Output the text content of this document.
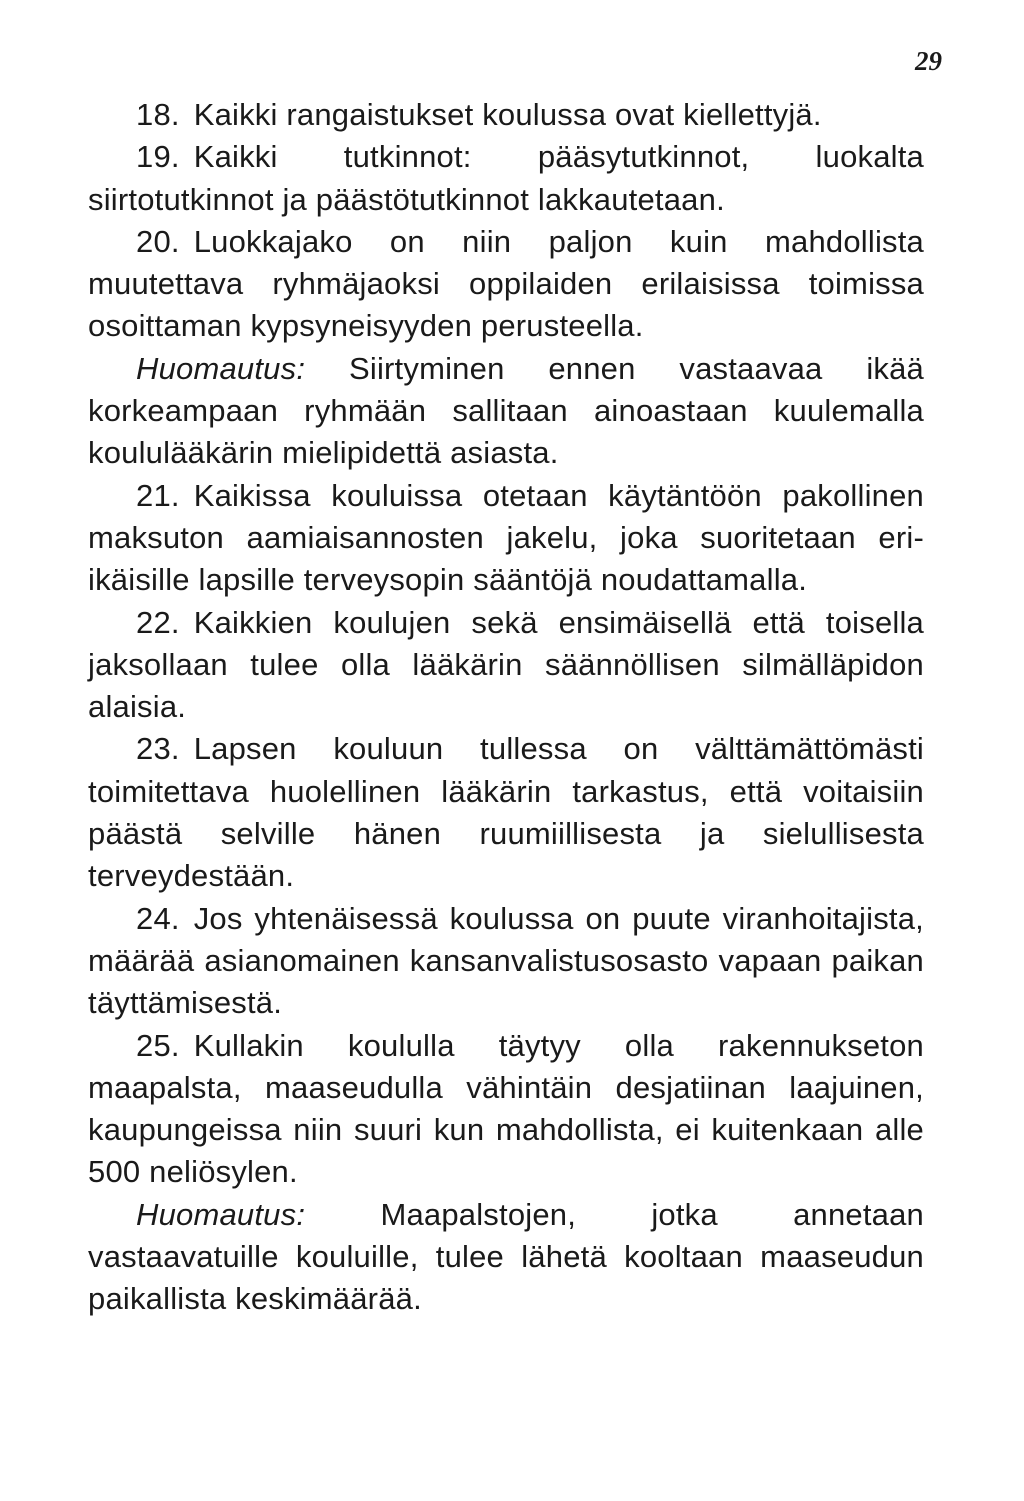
29

18. Kaikki rangaistukset koulussa ovat kiellettyjä.

19. Kaikki tutkinnot: pääsytutkinnot, luokalta siirtotutkinnot ja päästötutkinnot lakkautetaan.

20. Luokkajako on niin paljon kuin mahdollista muutettava ryhmäjaoksi oppilaiden erilaisissa toimissa osoittaman kypsyneisyyden perusteella.

Huomautus: Siirtyminen ennen vastaavaa ikää korkeampaan ryhmään sallitaan ainoastaan kuulemalla koululääkärin mielipidettä asiasta.

21. Kaikissa kouluissa otetaan käytäntöön pakollinen maksuton aamiaisannosten jakelu, joka suoritetaan eri-ikäisille lapsille terveysopin sääntöjä noudattamalla.

22. Kaikkien koulujen sekä ensimäisellä että toisella jaksollaan tulee olla lääkärin säännöllisen silmälläpidon alaisia.

23. Lapsen kouluun tullessa on välttämättömästi toimitettava huolellinen lääkärin tarkastus, että voitaisiin päästä selville hänen ruumiillisesta ja sielullisesta terveydestään.

24. Jos yhtenäisessä koulussa on puute viranhoitajista, määrää asianomainen kansanvalistusosasto vapaan paikan täyttämisestä.

25. Kullakin koululla täytyy olla rakennukseton maapalsta, maaseudulla vähintäin desjatiinan laajuinen, kaupungeissa niin suuri kun mahdollista, ei kuitenkaan alle 500 neliösylen.

Huomautus: Maapalstojen, jotka annetaan vastaavatuille kouluille, tulee lähetä kooltaan maaseudun paikallista keskimäärää.
